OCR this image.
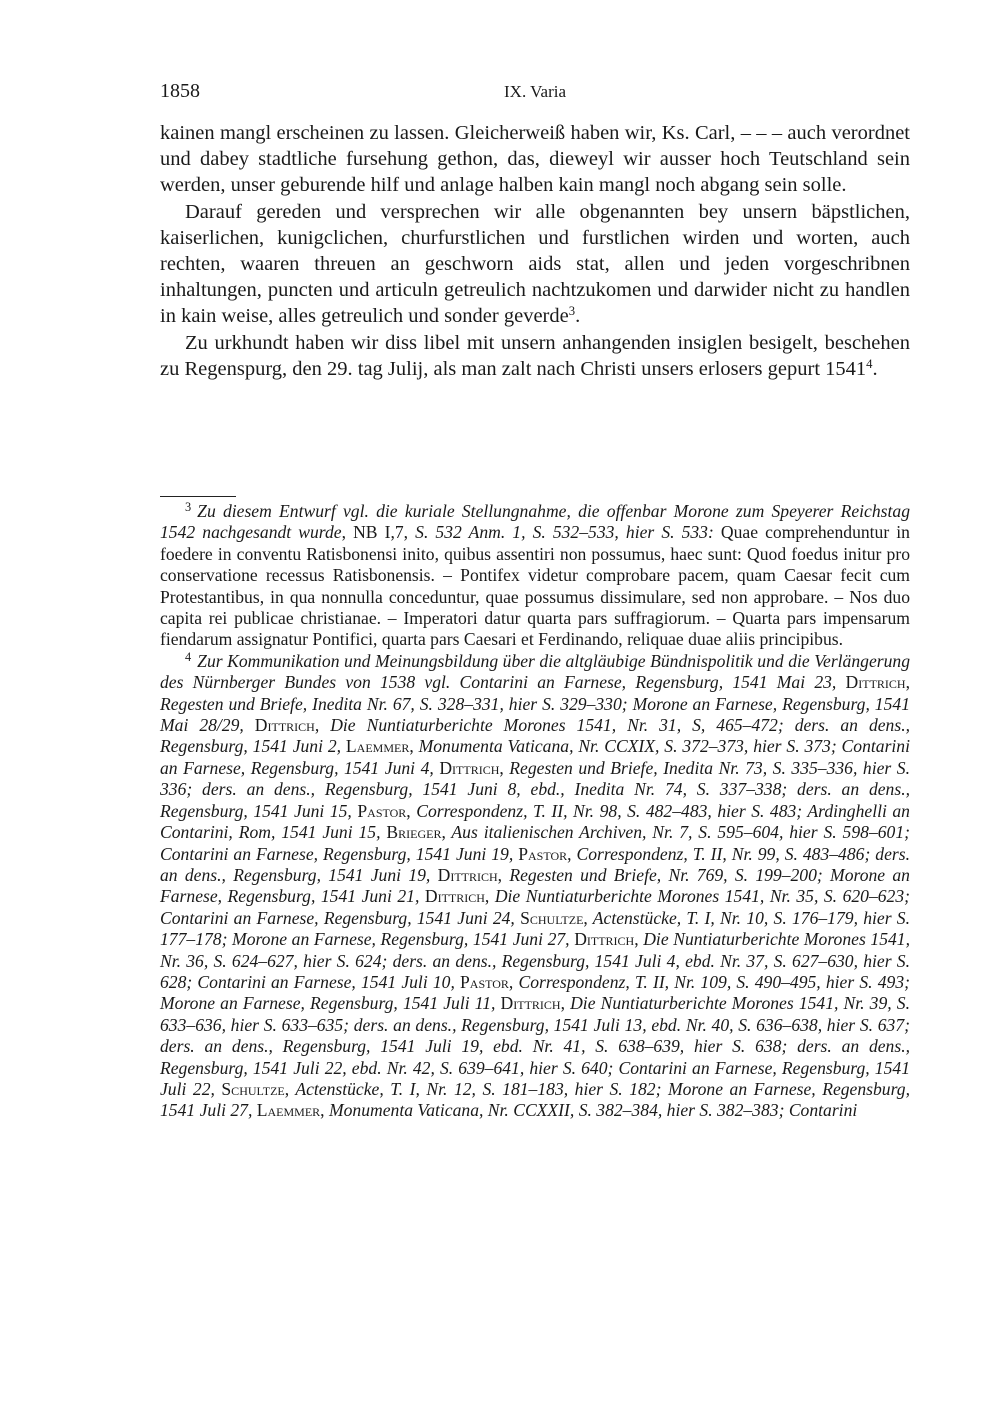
1858	IX. Varia

kainen mangl erscheinen zu lassen. Gleicherweiß haben wir, Ks. Carl, – – – auch verordnet und dabey stadtliche fursehung gethon, das, dieweyl wir ausser hoch Teutschland sein werden, unser geburende hilf und anlage halben kain mangl noch abgang sein solle.

Darauf gereden und versprechen wir alle obgenannten bey unsern bäpstlichen, kaiserlichen, kunigclichen, churfurstlichen und furstlichen wirden und worten, auch rechten, waaren threuen an geschworn aids stat, allen und jeden vorgeschribnen inhaltungen, puncten und articuln getreulich nachtzukomen und darwider nicht zu handlen in kain weise, alles getreulich und sonder geverde$^3$.

Zu urkhundt haben wir diss libel mit unsern anhangenden insiglen besigelt, beschehen zu Regenspurg, den 29. tag Julij, als man zalt nach Christi unsers erlosers gepurt 1541$^4$.

$^3$ Zu diesem Entwurf vgl. die kuriale Stellungnahme, die offenbar Morone zum Speyerer Reichstag 1542 nachgesandt wurde, NB I,7, S. 532 Anm. 1, S. 532–533, hier S. 533: Quae comprehenduntur in foedere in conventu Ratisbonensi inito, quibus assentiri non possumus, haec sunt: Quod foedus initur pro conservatione recessus Ratisbonensis. – Pontifex videtur comprobare pacem, quam Caesar fecit cum Protestantibus, in qua nonnulla conceduntur, quae possumus dissimulare, sed non approbare. – Nos duo capita rei publicae christianae. – Imperatori datur quarta pars suffragiorum. – Quarta pars impensarum fiendarum assignatur Pontifici, quarta pars Caesari et Ferdinando, reliquae duae aliis principibus.

$^4$ Zur Kommunikation und Meinungsbildung über die altgläubige Bündnispolitik und die Verlängerung des Nürnberger Bundes von 1538 vgl. Contarini an Farnese, Regensburg, 1541 Mai 23, Dittrich, Regesten und Briefe, Inedita Nr. 67, S. 328–331, hier S. 329–330; Morone an Farnese, Regensburg, 1541 Mai 28/29, Dittrich, Die Nuntiaturberichte Morones 1541, Nr. 31, S, 465–472; ders. an dens., Regensburg, 1541 Juni 2, Laemmer, Monumenta Vaticana, Nr. CCXIX, S. 372–373, hier S. 373; Contarini an Farnese, Regensburg, 1541 Juni 4, Dittrich, Regesten und Briefe, Inedita Nr. 73, S. 335–336, hier S. 336; ders. an dens., Regensburg, 1541 Juni 8, ebd., Inedita Nr. 74, S. 337–338; ders. an dens., Regensburg, 1541 Juni 15, Pastor, Correspondenz, T. II, Nr. 98, S. 482–483, hier S. 483; Ardinghelli an Contarini, Rom, 1541 Juni 15, Brieger, Aus italienischen Archiven, Nr. 7, S. 595–604, hier S. 598–601; Contarini an Farnese, Regensburg, 1541 Juni 19, Pastor, Correspondenz, T. II, Nr. 99, S. 483–486; ders. an dens., Regensburg, 1541 Juni 19, Dittrich, Regesten und Briefe, Nr. 769, S. 199–200; Morone an Farnese, Regensburg, 1541 Juni 21, Dittrich, Die Nuntiaturberichte Morones 1541, Nr. 35, S. 620–623; Contarini an Farnese, Regensburg, 1541 Juni 24, Schultze, Actenstücke, T. I, Nr. 10, S. 176–179, hier S. 177–178; Morone an Farnese, Regensburg, 1541 Juni 27, Dittrich, Die Nuntiaturberichte Morones 1541, Nr. 36, S. 624–627, hier S. 624; ders. an dens., Regensburg, 1541 Juli 4, ebd. Nr. 37, S. 627–630, hier S. 628; Contarini an Farnese, 1541 Juli 10, Pastor, Correspondenz, T. II, Nr. 109, S. 490–495, hier S. 493; Morone an Farnese, Regensburg, 1541 Juli 11, Dittrich, Die Nuntiaturberichte Morones 1541, Nr. 39, S. 633–636, hier S. 633–635; ders. an dens., Regensburg, 1541 Juli 13, ebd. Nr. 40, S. 636–638, hier S. 637; ders. an dens., Regensburg, 1541 Juli 19, ebd. Nr. 41, S. 638–639, hier S. 638; ders. an dens., Regensburg, 1541 Juli 22, ebd. Nr. 42, S. 639–641, hier S. 640; Contarini an Farnese, Regensburg, 1541 Juli 22, Schultze, Actenstücke, T. I, Nr. 12, S. 181–183, hier S. 182; Morone an Farnese, Regensburg, 1541 Juli 27, Laemmer, Monumenta Vaticana, Nr. CCXXII, S. 382–384, hier S. 382–383; Contarini
